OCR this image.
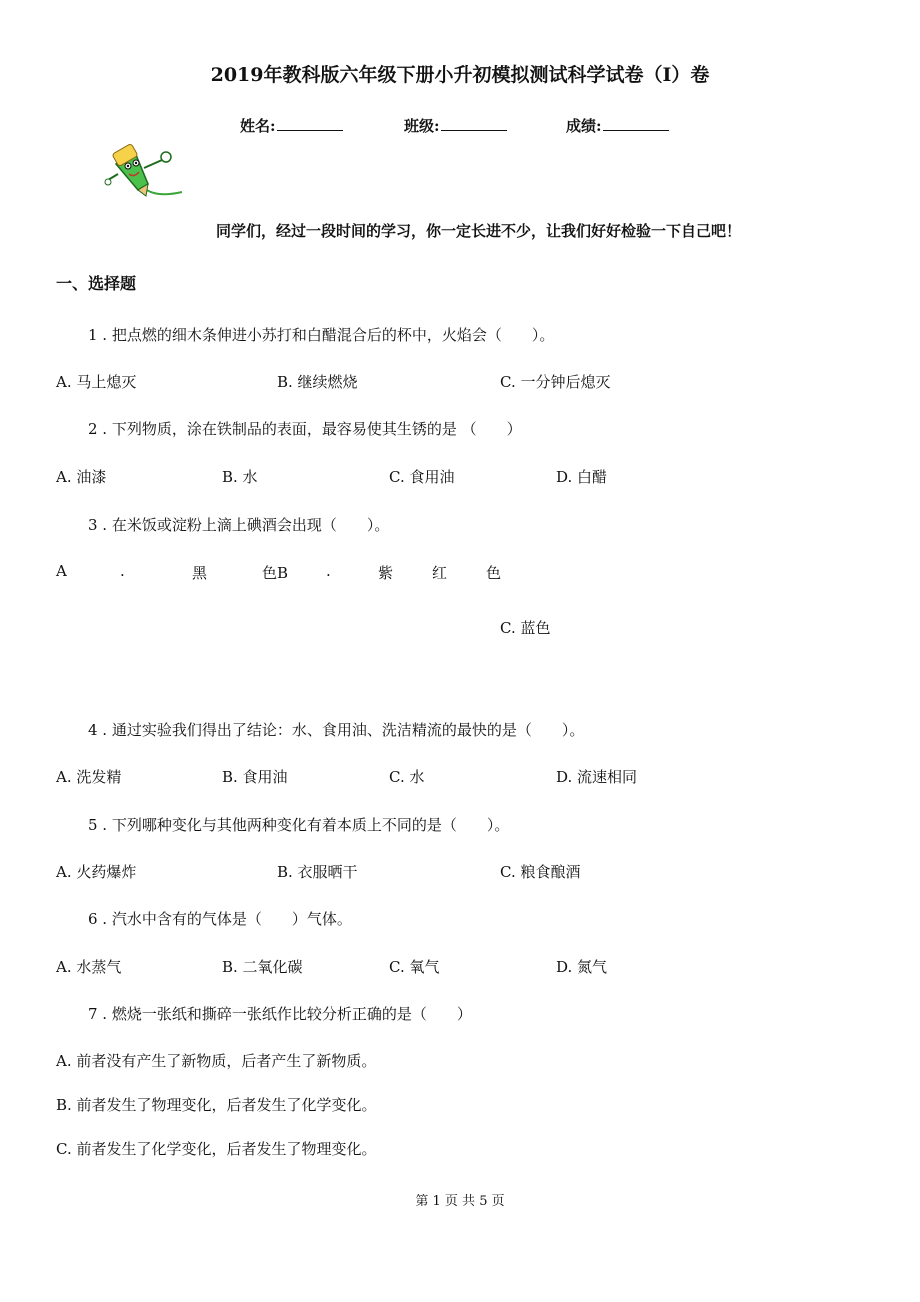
2019年教科版六年级下册小升初模拟测试科学试卷（I）卷
姓名:	班级:	成绩:
同学们，经过一段时间的学习，你一定长进不少，让我们好好检验一下自己吧！
一、选择题
1 . 把点燃的细木条伸进小苏打和白醋混合后的杯中，火焰会（　　）。
A. 马上熄灭	B. 继续燃烧	C. 一分钟后熄灭
2 . 下列物质，涂在铁制品的表面，最容易使其生锈的是 （　　）
A. 油漆	B. 水	C. 食用油	D. 白醋
3 . 在米饭或淀粉上滴上碘酒会出现（　　）。
A	.	黑	色B	.	紫	红	色
C. 蓝色
4 . 通过实验我们得出了结论：水、食用油、洗洁精流的最快的是（　　）。
A. 洗发精	B. 食用油	C. 水	D. 流速相同
5 . 下列哪种变化与其他两种变化有着本质上不同的是（　　）。
A. 火药爆炸	B. 衣服晒干	C. 粮食酿酒
6 . 汽水中含有的气体是（　　）气体。
A. 水蒸气	B. 二氧化碳	C. 氧气	D. 氮气
7 . 燃烧一张纸和撕碎一张纸作比较分析正确的是（　　）
A. 前者没有产生了新物质，后者产生了新物质。
B. 前者发生了物理变化，后者发生了化学变化。
C. 前者发生了化学变化，后者发生了物理变化。
第 1 页 共 5 页
